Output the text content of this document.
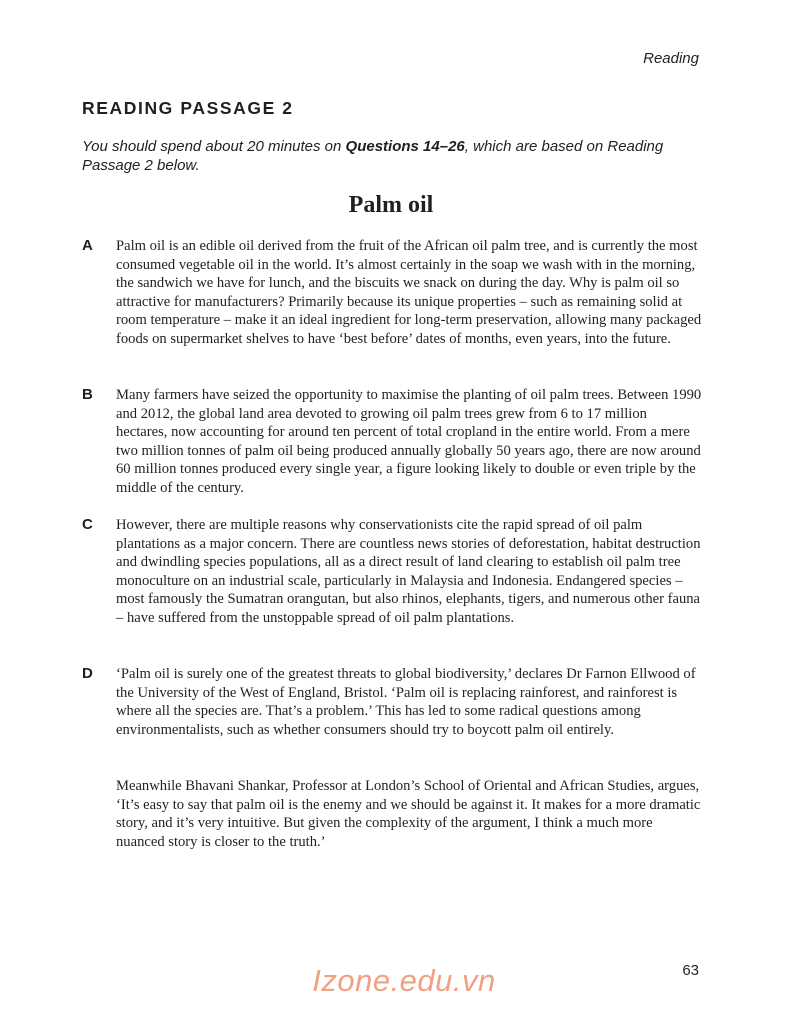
Reading
READING PASSAGE 2
You should spend about 20 minutes on Questions 14–26, which are based on Reading Passage 2 below.
Palm oil
A Palm oil is an edible oil derived from the fruit of the African oil palm tree, and is currently the most consumed vegetable oil in the world. It’s almost certainly in the soap we wash with in the morning, the sandwich we have for lunch, and the biscuits we snack on during the day. Why is palm oil so attractive for manufacturers? Primarily because its unique properties – such as remaining solid at room temperature – make it an ideal ingredient for long-term preservation, allowing many packaged foods on supermarket shelves to have ‘best before’ dates of months, even years, into the future.
B Many farmers have seized the opportunity to maximise the planting of oil palm trees. Between 1990 and 2012, the global land area devoted to growing oil palm trees grew from 6 to 17 million hectares, now accounting for around ten percent of total cropland in the entire world. From a mere two million tonnes of palm oil being produced annually globally 50 years ago, there are now around 60 million tonnes produced every single year, a figure looking likely to double or even triple by the middle of the century.
C However, there are multiple reasons why conservationists cite the rapid spread of oil palm plantations as a major concern. There are countless news stories of deforestation, habitat destruction and dwindling species populations, all as a direct result of land clearing to establish oil palm tree monoculture on an industrial scale, particularly in Malaysia and Indonesia. Endangered species – most famously the Sumatran orangutan, but also rhinos, elephants, tigers, and numerous other fauna – have suffered from the unstoppable spread of oil palm plantations.
D ‘Palm oil is surely one of the greatest threats to global biodiversity,’ declares Dr Farnon Ellwood of the University of the West of England, Bristol. ‘Palm oil is replacing rainforest, and rainforest is where all the species are. That’s a problem.’ This has led to some radical questions among environmentalists, such as whether consumers should try to boycott palm oil entirely.
Meanwhile Bhavani Shankar, Professor at London’s School of Oriental and African Studies, argues, ‘It’s easy to say that palm oil is the enemy and we should be against it. It makes for a more dramatic story, and it’s very intuitive. But given the complexity of the argument, I think a much more nuanced story is closer to the truth.’
63
Izone.edu.vn
